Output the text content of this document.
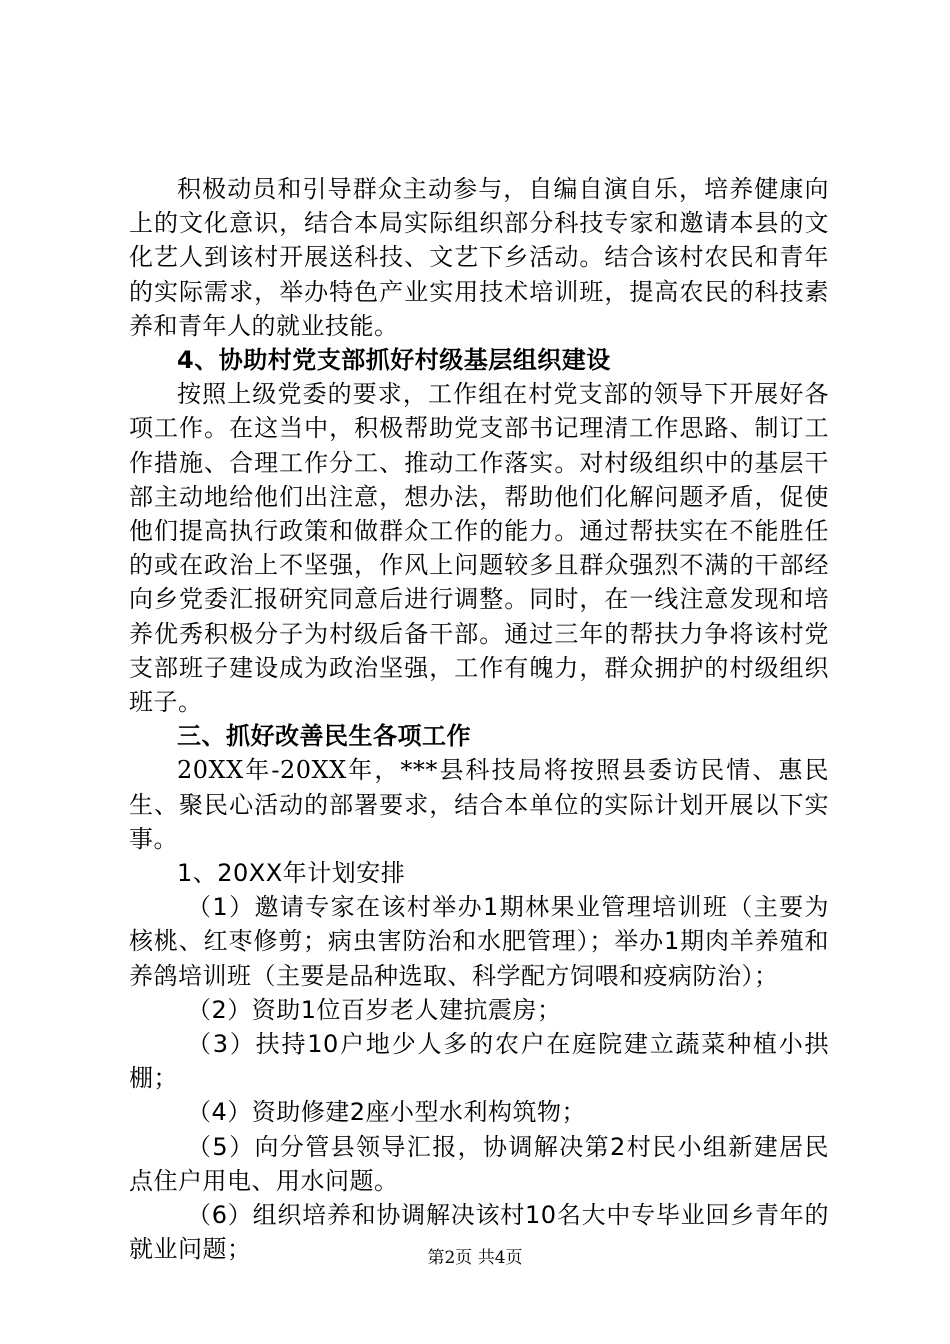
积极动员和引导群众主动参与，自编自演自乐，培养健康向上的文化意识，结合本局实际组织部分科技专家和邀请本县的文化艺人到该村开展送科技、文艺下乡活动。结合该村农民和青年的实际需求，举办特色产业实用技术培训班，提高农民的科技素养和青年人的就业技能。

4、协助村党支部抓好村级基层组织建设

按照上级党委的要求，工作组在村党支部的领导下开展好各项工作。在这当中，积极帮助党支部书记理清工作思路、制订工作措施、合理工作分工、推动工作落实。对村级组织中的基层干部主动地给他们出注意，想办法，帮助他们化解问题矛盾，促使他们提高执行政策和做群众工作的能力。通过帮扶实在不能胜任的或在政治上不坚强，作风上问题较多且群众强烈不满的干部经向乡党委汇报研究同意后进行调整。同时，在一线注意发现和培养优秀积极分子为村级后备干部。通过三年的帮扶力争将该村党支部班子建设成为政治坚强，工作有魄力，群众拥护的村级组织班子。

三、抓好改善民生各项工作

20XX年-20XX年，***县科技局将按照县委访民情、惠民生、聚民心活动的部署要求，结合本单位的实际计划开展以下实事。

1、20XX年计划安排

（1）邀请专家在该村举办1期林果业管理培训班（主要为核桃、红枣修剪；病虫害防治和水肥管理）；举办1期肉羊养殖和养鸽培训班（主要是品种选取、科学配方饲喂和疫病防治）；

（2）资助1位百岁老人建抗震房；

（3）扶持10户地少人多的农户在庭院建立蔬菜种植小拱棚；

（4）资助修建2座小型水利构筑物；

（5）向分管县领导汇报，协调解决第2村民小组新建居民点住户用电、用水问题。

（6）组织培养和协调解决该村10名大中专毕业回乡青年的就业问题；	第2页 共4页
